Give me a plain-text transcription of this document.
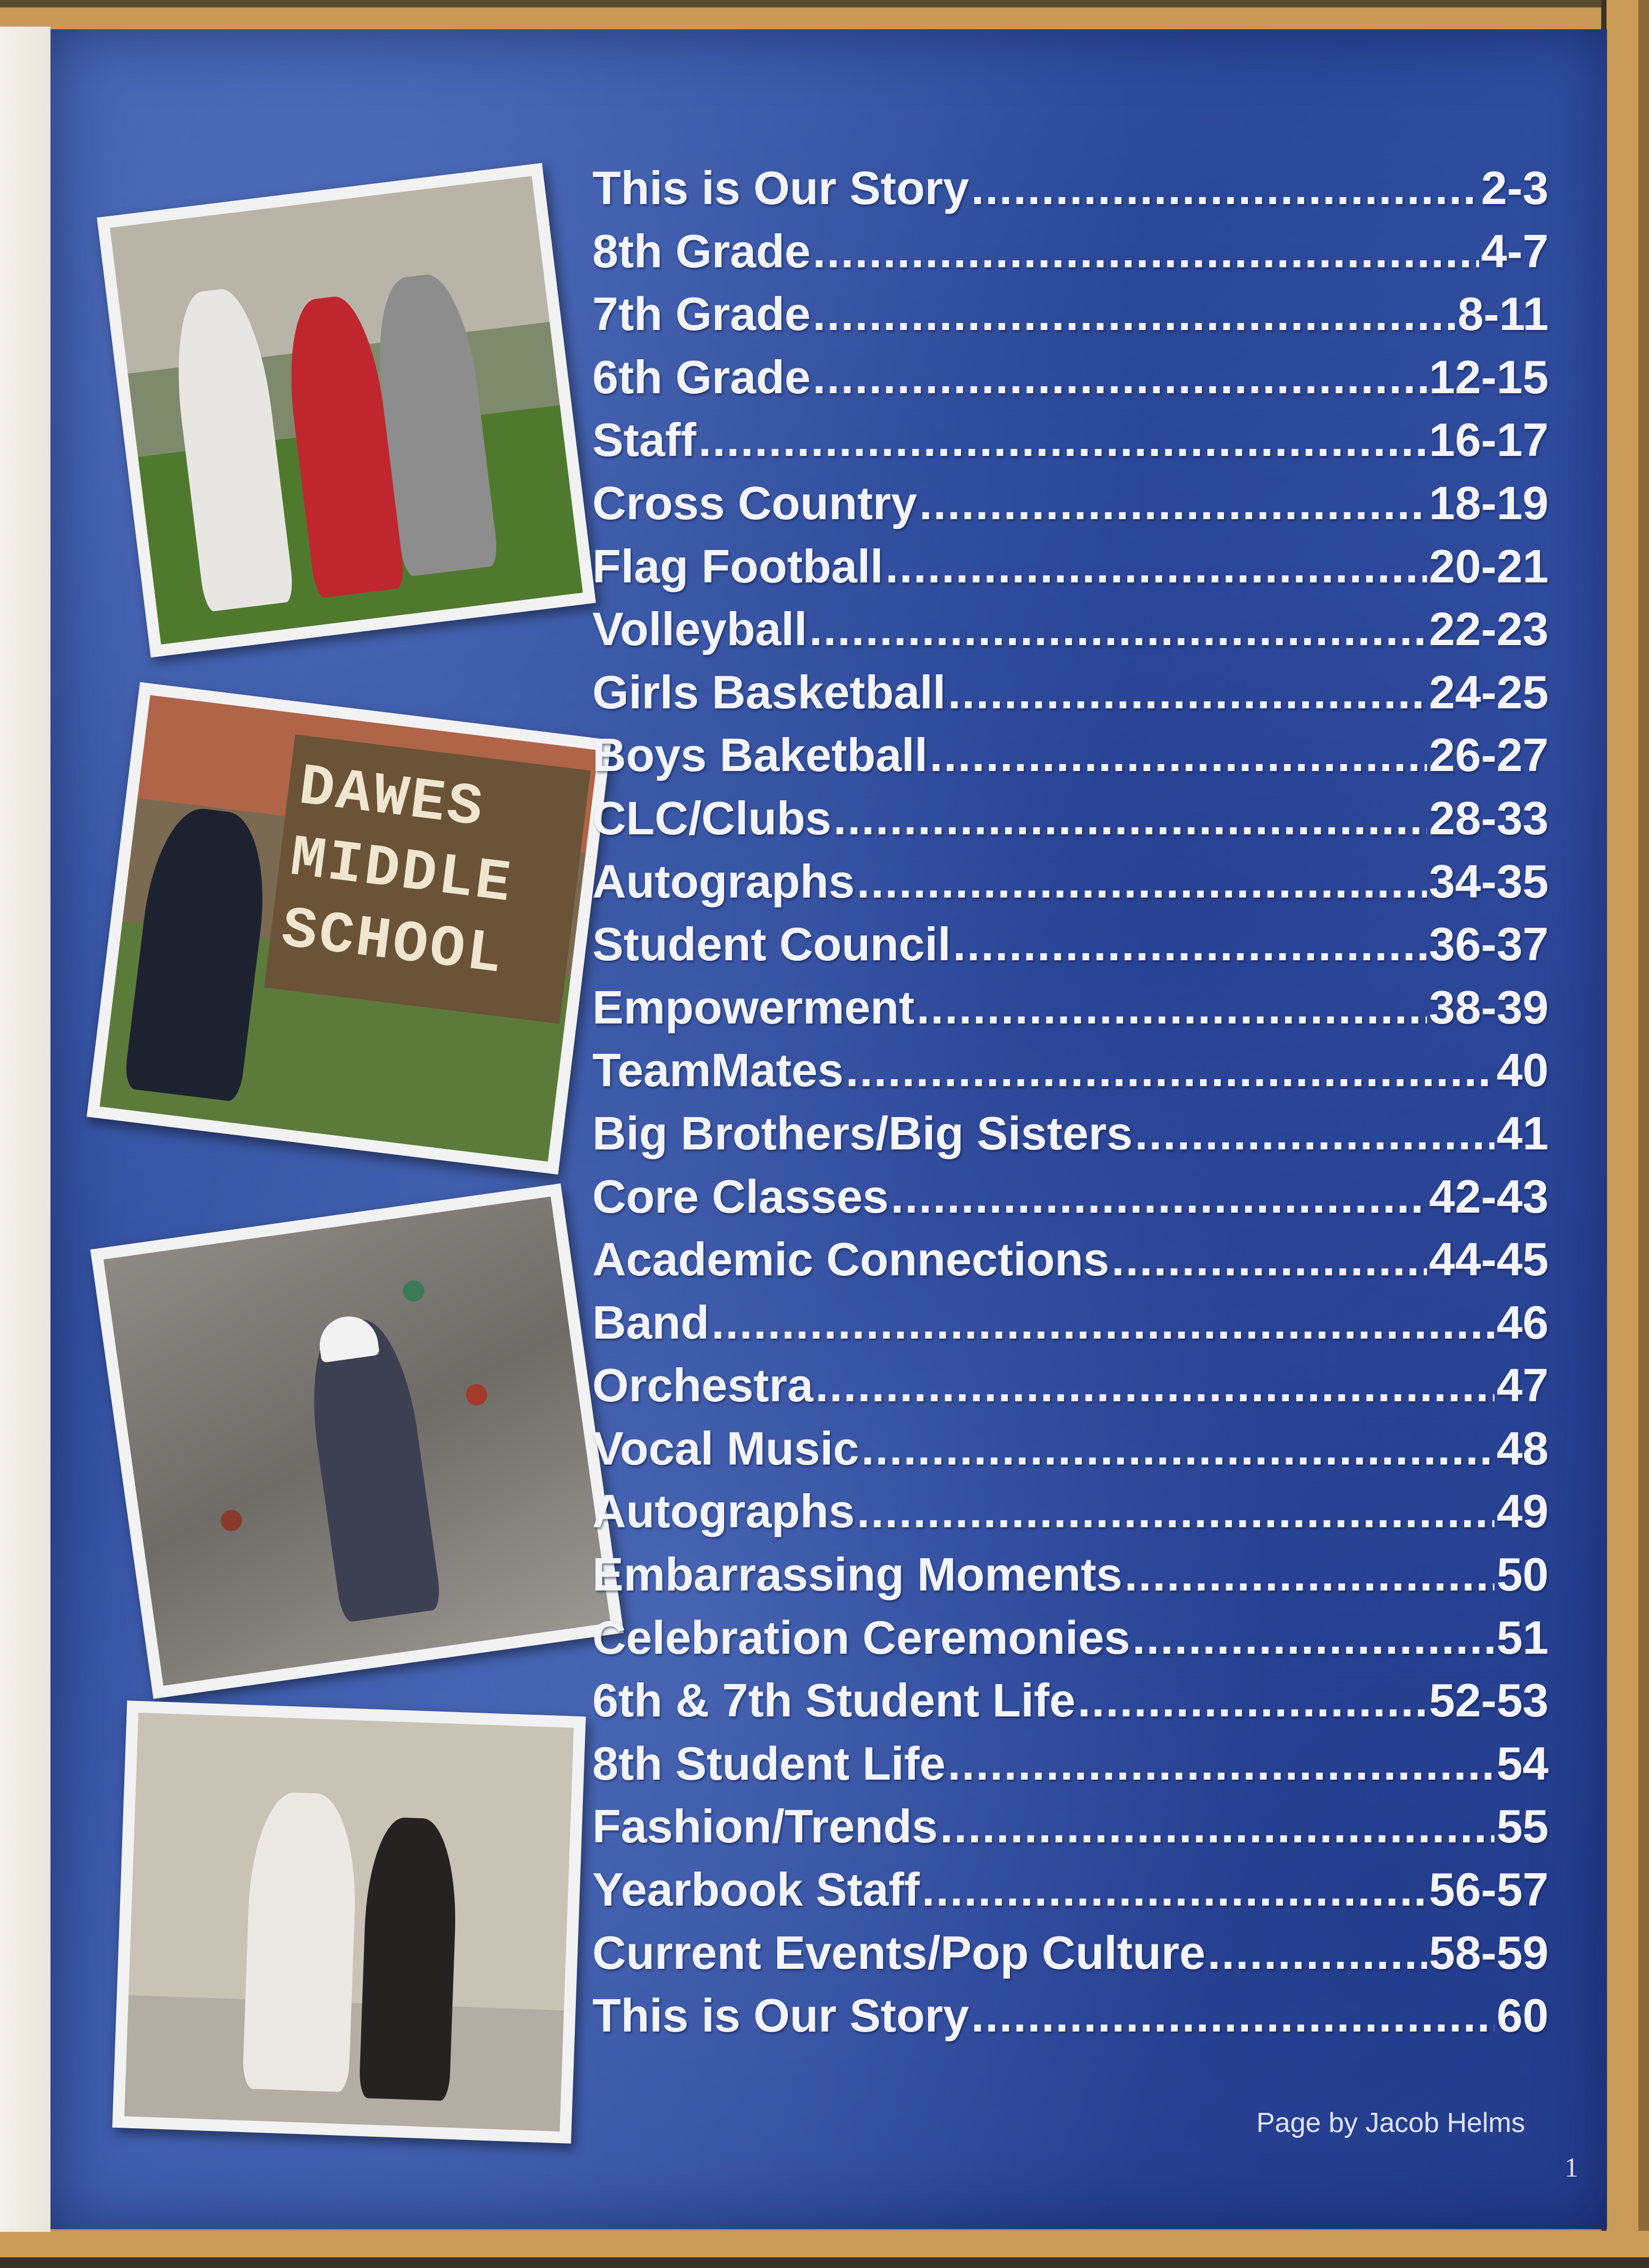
DAWES MIDDLE SCHOOL
This is Our Story .....	2-3
8th Grade .....	4-7
7th Grade .....	8-11
6th Grade .....	12-15
Staff .....	16-17
Cross Country .....	18-19
Flag Football .....	20-21
Volleyball .....	22-23
Girls Basketball .....	24-25
Boys Baketball .....	26-27
CLC/Clubs .....	28-33
Autographs .....	34-35
Student Council .....	36-37
Empowerment .....	38-39
TeamMates .....	40
Big Brothers/Big Sisters .....	41
Core Classes .....	42-43
Academic Connections .....	44-45
Band .....	46
Orchestra .....	47
Vocal Music .....	48
Autographs .....	49
Embarrassing Moments .....	50
Celebration Ceremonies .....	51
6th & 7th Student Life .....	52-53
8th Student Life .....	54
Fashion/Trends .....	55
Yearbook Staff .....	56-57
Current Events/Pop Culture .....	58-59
This is Our Story .....	60
Page by Jacob Helms
1
